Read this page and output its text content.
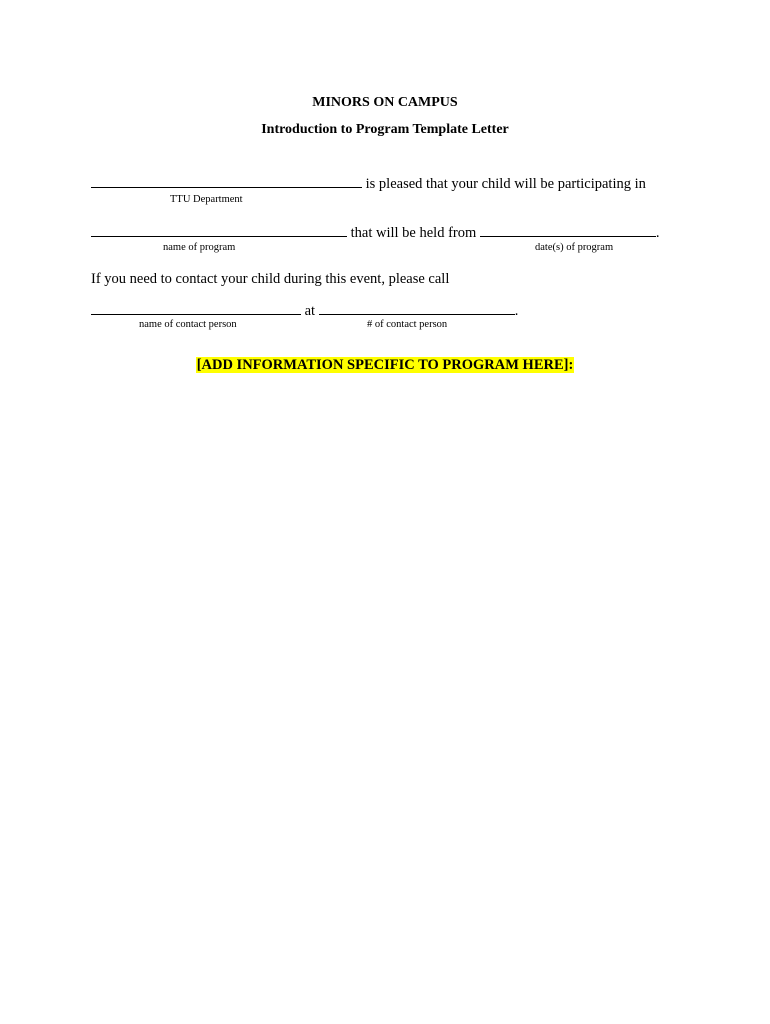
MINORS ON CAMPUS
Introduction to Program Template Letter
is pleased that your child will be participating in
TTU Department
that will be held from	.
name of program	date(s) of program
If you need to contact your child during this event, please call
at	.
name of contact person	# of contact person
[ADD INFORMATION SPECIFIC TO PROGRAM HERE]:
